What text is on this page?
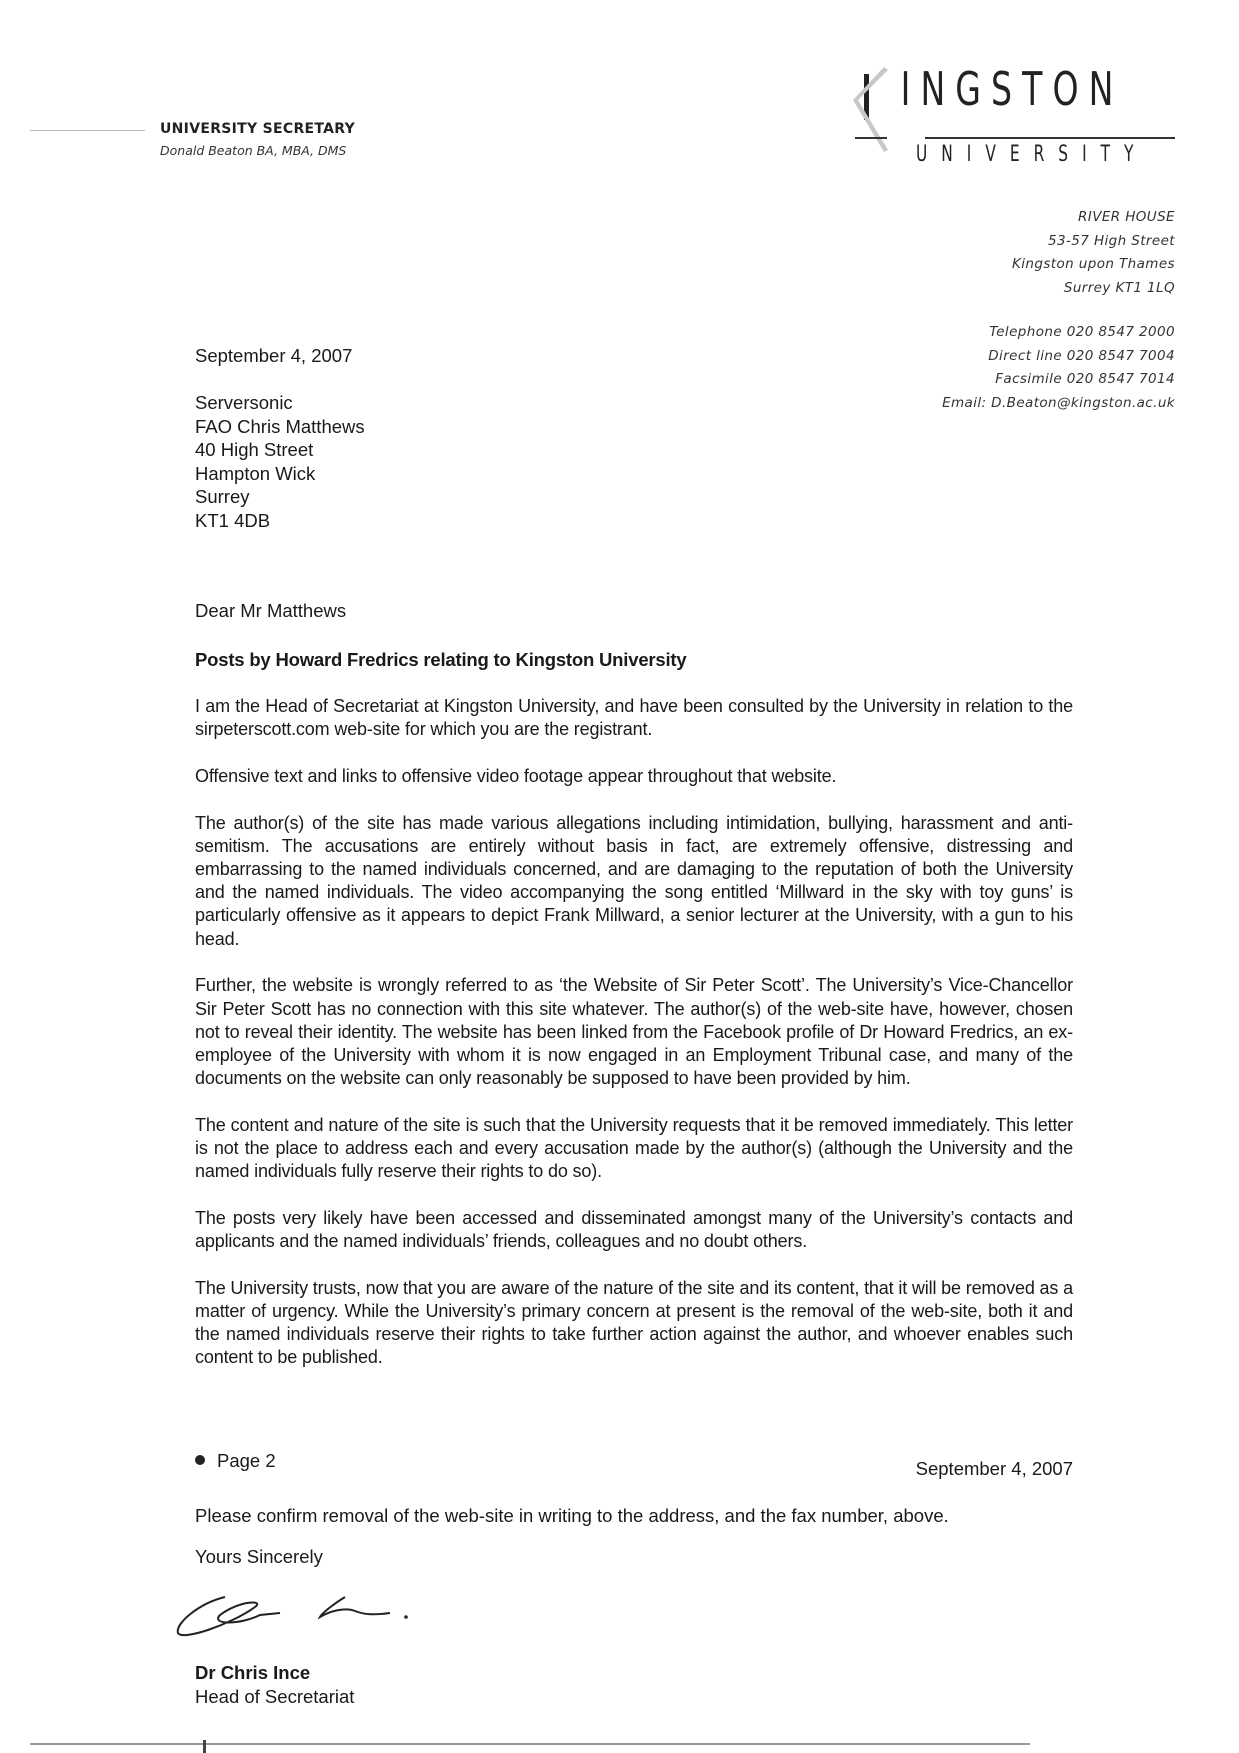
UNIVERSITY SECRETARY
Donald Beaton BA, MBA, DMS
INGSTON
UNIVERSITY
RIVER HOUSE
53-57 High Street
Kingston upon Thames
Surrey KT1 1LQ
Telephone 020 8547 2000
Direct line 020 8547 7004
Facsimile 020 8547 7014
Email: D.Beaton@kingston.ac.uk
September 4, 2007
Serversonic
FAO Chris Matthews
40 High Street
Hampton Wick
Surrey
KT1 4DB
Dear Mr Matthews
Posts by Howard Fredrics relating to Kingston University

I am the Head of Secretariat at Kingston University, and have been consulted by the University in relation to the sirpeterscott.com web-site for which you are the registrant.

Offensive text and links to offensive video footage appear throughout that website.

The author(s) of the site has made various allegations including intimidation, bullying, harassment and anti-semitism. The accusations are entirely without basis in fact, are extremely offensive, distressing and embarrassing to the named individuals concerned, and are damaging to the reputation of both the University and the named individuals. The video accompanying the song entitled ‘Millward in the sky with toy guns’ is particularly offensive as it appears to depict Frank Millward, a senior lecturer at the University, with a gun to his head.

Further, the website is wrongly referred to as ‘the Website of Sir Peter Scott’. The University’s Vice-Chancellor Sir Peter Scott has no connection with this site whatever. The author(s) of the web-site have, however, chosen not to reveal their identity. The website has been linked from the Facebook profile of Dr Howard Fredrics, an ex-employee of the University with whom it is now engaged in an Employment Tribunal case, and many of the documents on the website can only reasonably be supposed to have been provided by him.

The content and nature of the site is such that the University requests that it be removed immediately. This letter is not the place to address each and every accusation made by the author(s) (although the University and the named individuals fully reserve their rights to do so).

The posts very likely have been accessed and disseminated amongst many of the University’s contacts and applicants and the named individuals’ friends, colleagues and no doubt others.

The University trusts, now that you are aware of the nature of the site and its content, that it will be removed as a matter of urgency. While the University’s primary concern at present is the removal of the web-site, both it and the named individuals reserve their rights to take further action against the author, and whoever enables such content to be published.

Page 2	September 4, 2007
Please confirm removal of the web-site in writing to the address, and the fax number, above.
Yours Sincerely
Dr Chris Ince
Head of Secretariat
